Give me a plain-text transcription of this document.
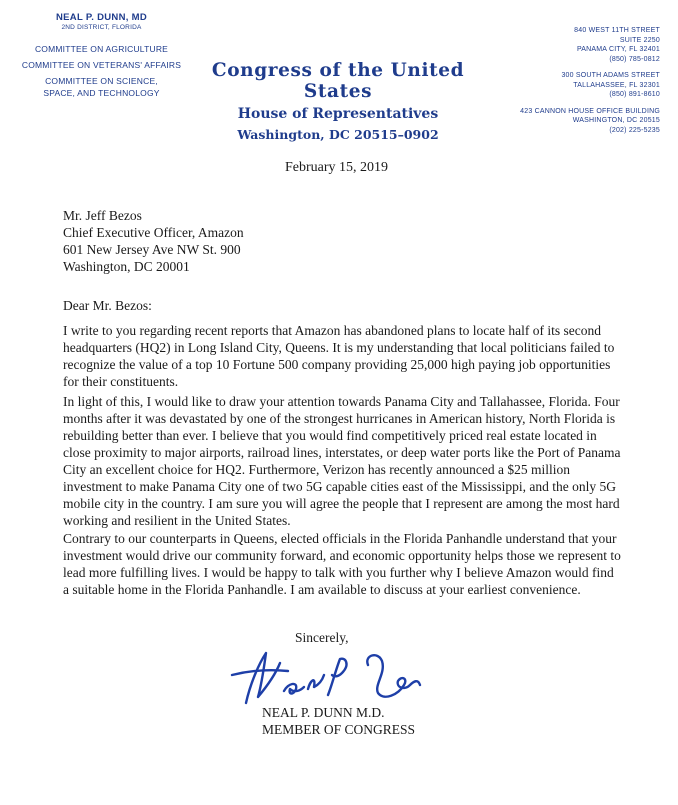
NEAL P. DUNN, MD
2ND DISTRICT, FLORIDA
COMMITTEE ON AGRICULTURE
COMMITTEE ON VETERANS' AFFAIRS
COMMITTEE ON SCIENCE,
SPACE, AND TECHNOLOGY
Congress of the United States
House of Representatives
Washington, DC 20515–0902
840 WEST 11TH STREET
SUITE 2250
PANAMA CITY, FL 32401
(850) 785-0812
300 SOUTH ADAMS STREET
TALLAHASSEE, FL 32301
(850) 891-8610
423 CANNON HOUSE OFFICE BUILDING
WASHINGTON, DC 20515
(202) 225-5235
February 15, 2019
Mr. Jeff Bezos
Chief Executive Officer, Amazon
601 New Jersey Ave NW St. 900
Washington, DC 20001
Dear Mr. Bezos:

I write to you regarding recent reports that Amazon has abandoned plans to locate half of its second headquarters (HQ2) in Long Island City, Queens. It is my understanding that local politicians failed to recognize the value of a top 10 Fortune 500 company providing 25,000 high paying job opportunities for their constituents.

In light of this, I would like to draw your attention towards Panama City and Tallahassee, Florida. Four months after it was devastated by one of the strongest hurricanes in American history, North Florida is rebuilding better than ever. I believe that you would find competitively priced real estate located in close proximity to major airports, railroad lines, interstates, or deep water ports like the Port of Panama City an excellent choice for HQ2. Furthermore, Verizon has recently announced a $25 million investment to make Panama City one of two 5G capable cities east of the Mississippi, and the only 5G mobile city in the country. I am sure you will agree the people that I represent are among the most hard working and resilient in the United States.

Contrary to our counterparts in Queens, elected officials in the Florida Panhandle understand that your investment would drive our community forward, and economic opportunity helps those we represent to lead more fulfilling lives. I would be happy to talk with you further why I believe Amazon would find a suitable home in the Florida Panhandle. I am available to discuss at your earliest convenience.

Sincerely,
NEAL P. DUNN M.D.
MEMBER OF CONGRESS
